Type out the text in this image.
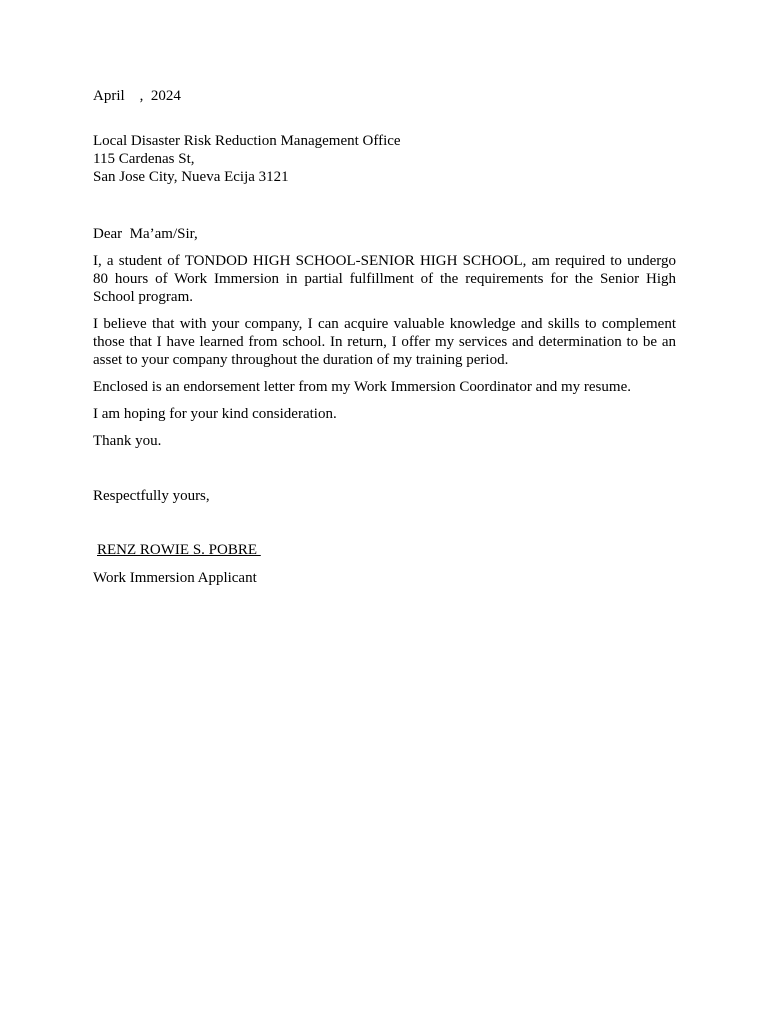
April    ,  2024
Local Disaster Risk Reduction Management Office
115 Cardenas St,
San Jose City, Nueva Ecija 3121
Dear  Ma’am/Sir,

I, a student of TONDOD HIGH SCHOOL-SENIOR HIGH SCHOOL, am required to undergo 80 hours of Work Immersion in partial fulfillment of the requirements for the Senior High School program.

I believe that with your company, I can acquire valuable knowledge and skills to complement those that I have learned from school. In return, I offer my services and determination to be an asset to your company throughout the duration of my training period.

Enclosed is an endorsement letter from my Work Immersion Coordinator and my resume.

I am hoping for your kind consideration.

Thank you.

Respectfully yours,
RENZ ROWIE S. POBRE
Work Immersion Applicant
